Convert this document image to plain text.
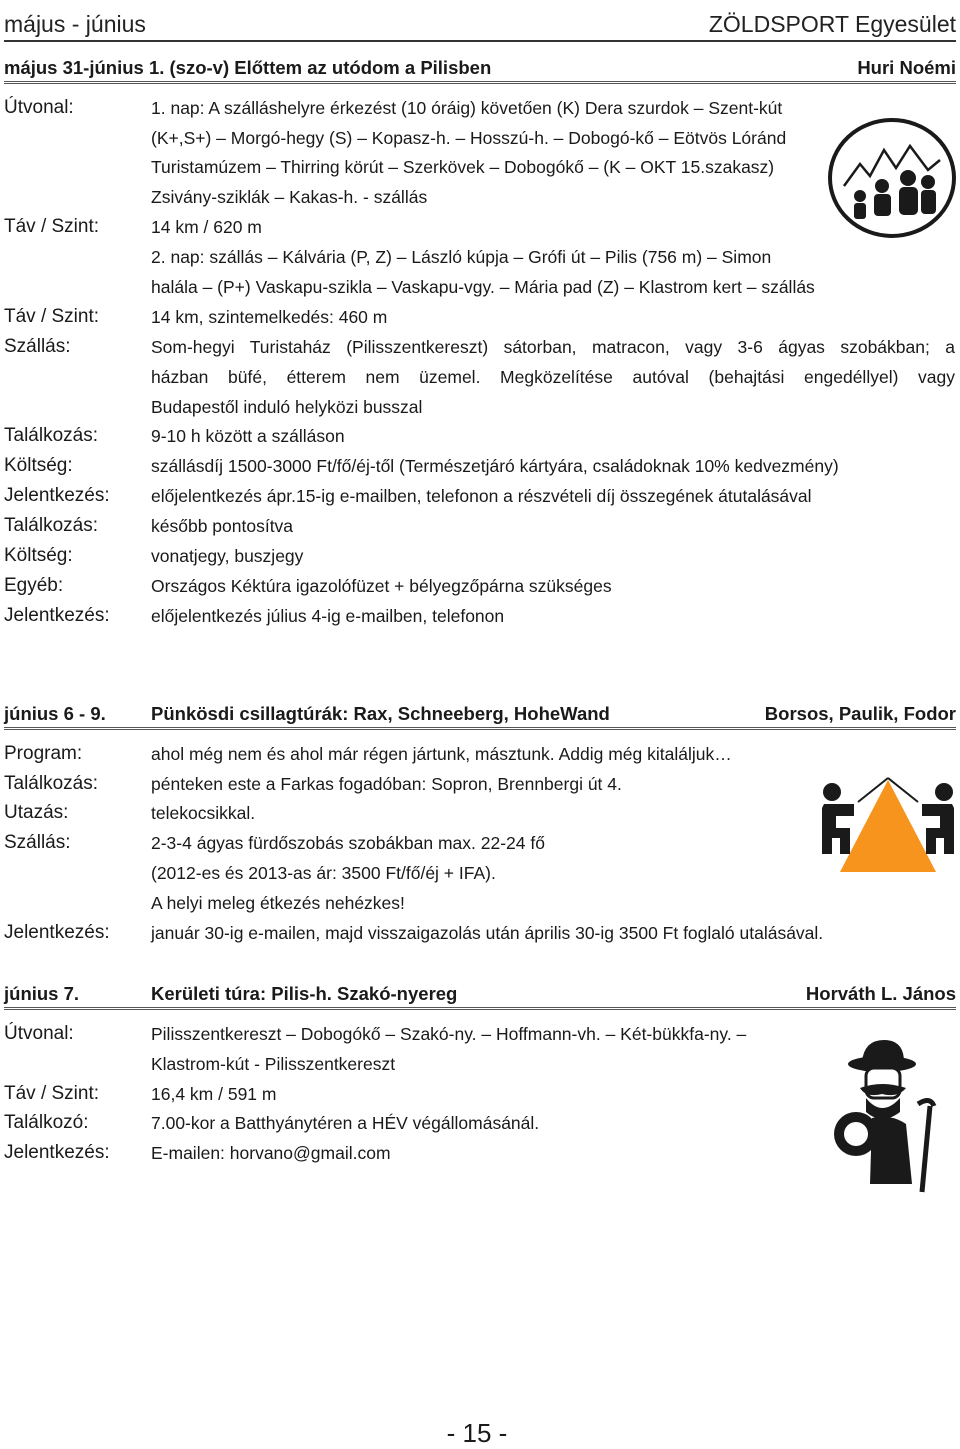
május - június	ZÖLDSPORT Egyesület
május 31-június 1. (szo-v) Előttem az utódom a Pilisben	Huri Noémi
Útvonal:	1. nap: A szálláshelyre érkezést (10 óráig) követően (K) Dera szurdok – Szent-kút
(K+,S+) – Morgó-hegy (S) – Kopasz-h. – Hosszú-h. – Dobogó-kő – Eötvös Lóránd
Turistamúzem – Thirring körút – Szerkövek – Dobogókő – (K – OKT 15.szakasz)
Zsivány-sziklák – Kakas-h. - szállás
Táv / Szint:	14 km / 620 m
2. nap: szállás – Kálvária (P, Z) – László kúpja – Grófi út – Pilis (756 m) – Simon
halála – (P+) Vaskapu-szikla – Vaskapu-vgy. – Mária pad (Z) – Klastrom kert – szállás
Táv / Szint:	14 km, szintemelkedés: 460 m
Szállás:	Som-hegyi Turistaház (Pilisszentkereszt) sátorban, matracon, vagy 3-6 ágyas szobákban; a
házban büfé, étterem nem üzemel. Megközelítése autóval (behajtási engedéllyel) vagy
Budapestől induló helyközi busszal
Találkozás:	9-10 h között a szálláson
Költség:	szállásdíj 1500-3000 Ft/fő/éj-től (Természetjáró kártyára, családoknak 10% kedvezmény)
Jelentkezés: előjelentkezés ápr.15-ig e-mailben, telefonon a részvételi díj összegének átutalásával
Találkozás:	később pontosítva
Költség:	vonatjegy, buszjegy
Egyéb:	Országos Kéktúra igazolófüzet + bélyegzőpárna szükséges
Jelentkezés: előjelentkezés július 4-ig e-mailben, telefonon
június 6 - 9.	Pünkösdi csillagtúrák: Rax, Schneeberg, HoheWand	Borsos, Paulik, Fodor
Program:	ahol még nem és ahol már régen jártunk, másztunk. Addig még kitaláljuk…
Találkozás:	pénteken este a Farkas fogadóban: Sopron, Brennbergi út 4.
Utazás:	telekocsikkal.
Szállás:	2-3-4 ágyas fürdőszobás szobákban max. 22-24 fő
(2012-es és 2013-as ár: 3500 Ft/fő/éj + IFA).
A helyi meleg étkezés nehézkes!
Jelentkezés: január 30-ig e-mailen, majd visszaigazolás után április 30-ig 3500 Ft foglaló utalásával.
június 7.	Kerületi túra: Pilis-h. Szakó-nyereg	Horváth L. János
Útvonal:	Pilisszentkereszt – Dobogókő – Szakó-ny. – Hoffmann-vh. – Két-bükkfa-ny. –
Klastrom-kút - Pilisszentkereszt
Táv / Szint:	16,4 km / 591 m
Találkozó:	7.00-kor a Batthyánytéren a HÉV végállomásánál.
Jelentkezés: E-mailen: horvano@gmail.com
- 15 -
